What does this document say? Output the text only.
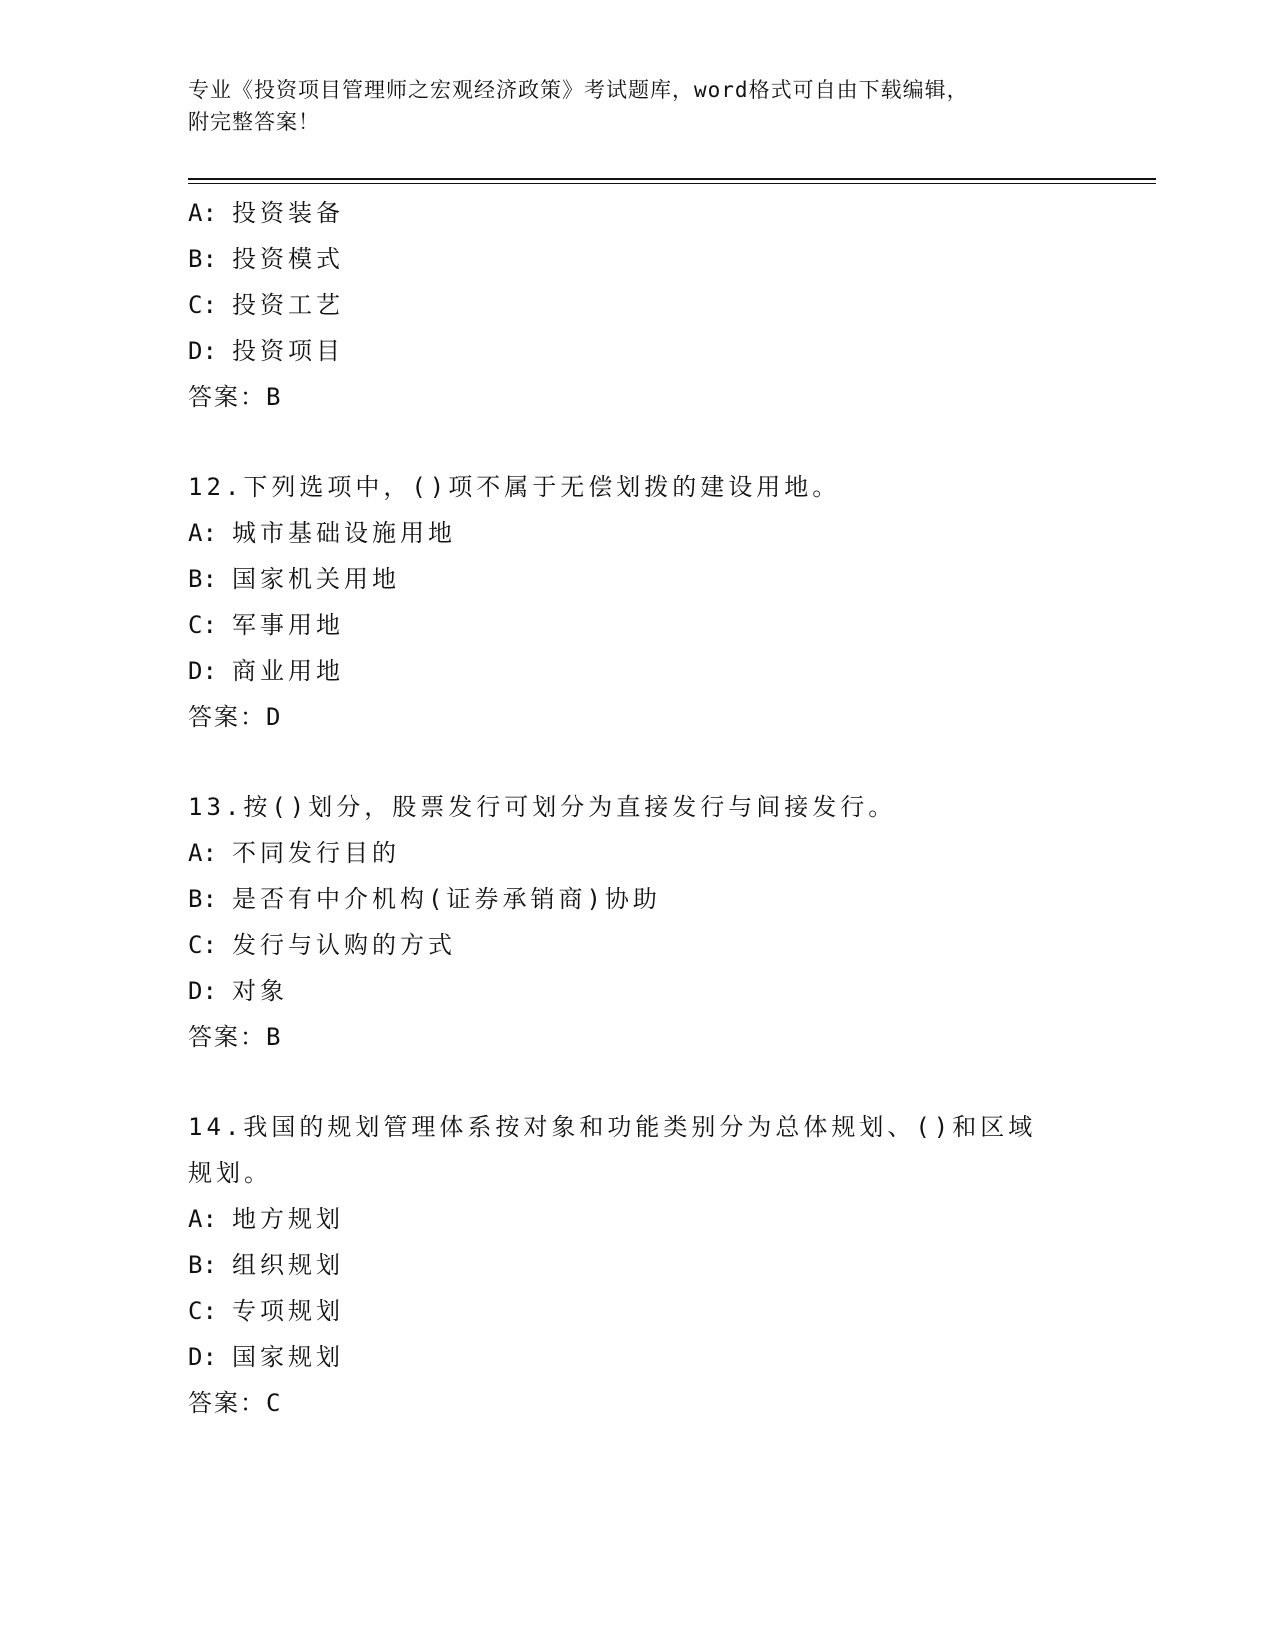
专业《投资项目管理师之宏观经济政策》考试题库，word格式可自由下载编辑，
附完整答案！
A: 投资装备
B: 投资模式
C: 投资工艺
D: 投资项目
答案：B
12.下列选项中，()项不属于无偿划拨的建设用地。
A: 城市基础设施用地
B: 国家机关用地
C: 军事用地
D: 商业用地
答案：D
13.按()划分，股票发行可划分为直接发行与间接发行。
A: 不同发行目的
B: 是否有中介机构(证券承销商)协助
C: 发行与认购的方式
D: 对象
答案：B
14.我国的规划管理体系按对象和功能类别分为总体规划、()和区域规划。
A: 地方规划
B: 组织规划
C: 专项规划
D: 国家规划
答案：C
